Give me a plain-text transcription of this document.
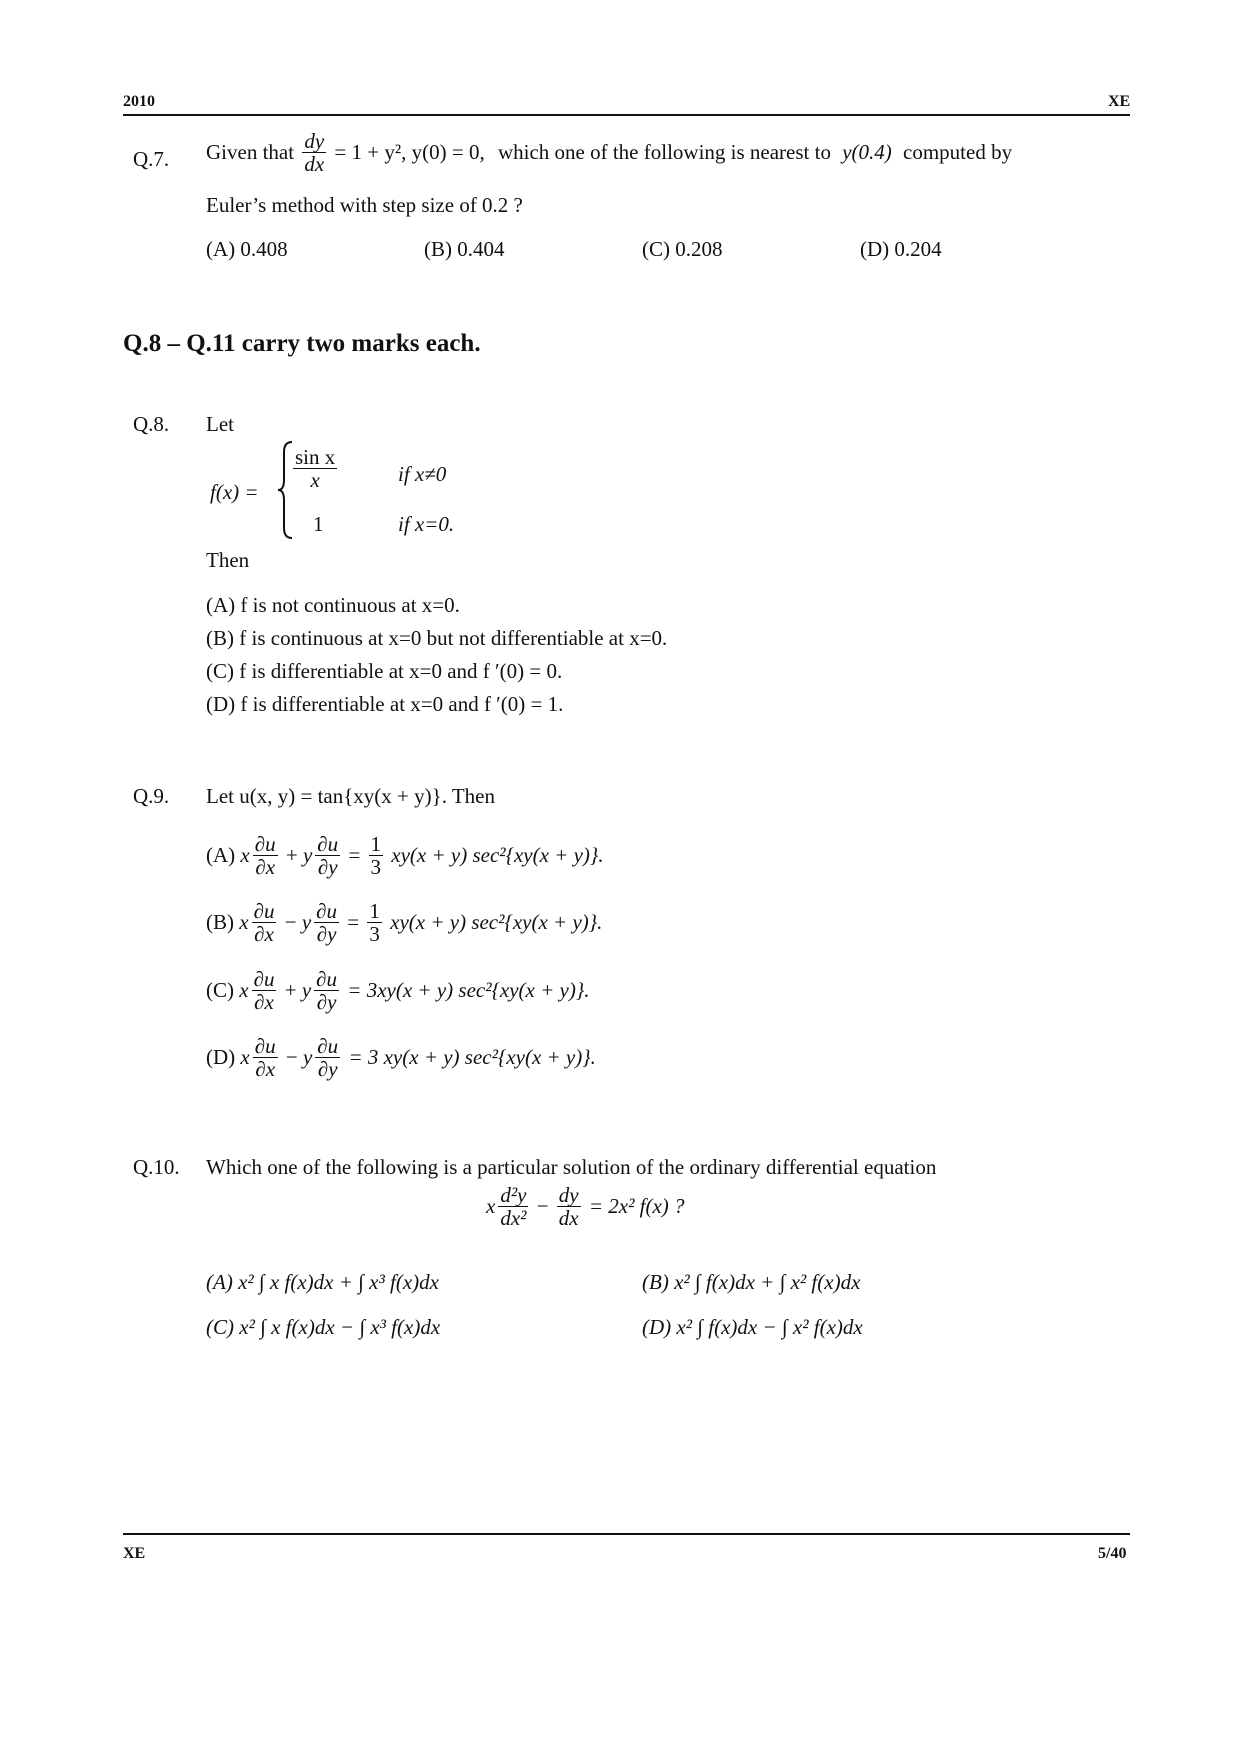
2010	XE
Q.7. Given that $\frac{dy}{dx} = 1 + y^2$, y(0) = 0, which one of the following is nearest to y(0.4) computed by
Euler’s method with step size of 0.2 ?
(A) 0.408	(B) 0.404	(C) 0.208	(D) 0.204
Q.8 – Q.11 carry two marks each.
Q.8. Let
f(x) =
$\frac{\text{sin x}}{x}$	if x≠0
1	if x=0.
Then
(A) f is not continuous at x=0.
(B) f is continuous at x=0 but not differentiable at x=0.
(C) f is differentiable at x=0 and f ′(0) = 0.
(D) f is differentiable at x=0 and f ′(0) = 1.
Q.9. Let u(x, y) = tan{xy(x + y)}. Then
(A) x $\frac{\partial u}{\partial x} + y \frac{\partial u}{\partial y} = \frac{1}{3} xy(x + y) \sec^2\{xy(x + y)\}$.
(B) x $\frac{\partial u}{\partial x} - y \frac{\partial u}{\partial y} = \frac{1}{3} xy(x + y) \sec^2\{xy(x + y)\}$.
(C) x $\frac{\partial u}{\partial x} + y \frac{\partial u}{\partial y} = 3xy(x + y) \sec^2\{xy(x + y)\}$.
(D) x $\frac{\partial u}{\partial x} - y \frac{\partial u}{\partial y} = 3$ xy(x + y) sec²{xy(x + y)}.
Q.10. Which one of the following is a particular solution of the ordinary differential equation
x $\frac{\text{d²y}}{\text{dx²}} - \frac{dy}{dx} = 2x^2$ f(x) ?
(A) x² ∫ x f(x)dx + ∫ x³ f(x)dx	(B) x² ∫ f(x)dx + ∫ x² f(x)dx
(C) x² ∫ x f(x)dx − ∫ x³ f(x)dx	(D) x² ∫ f(x)dx − ∫ x² f(x)dx
XE	5/40
